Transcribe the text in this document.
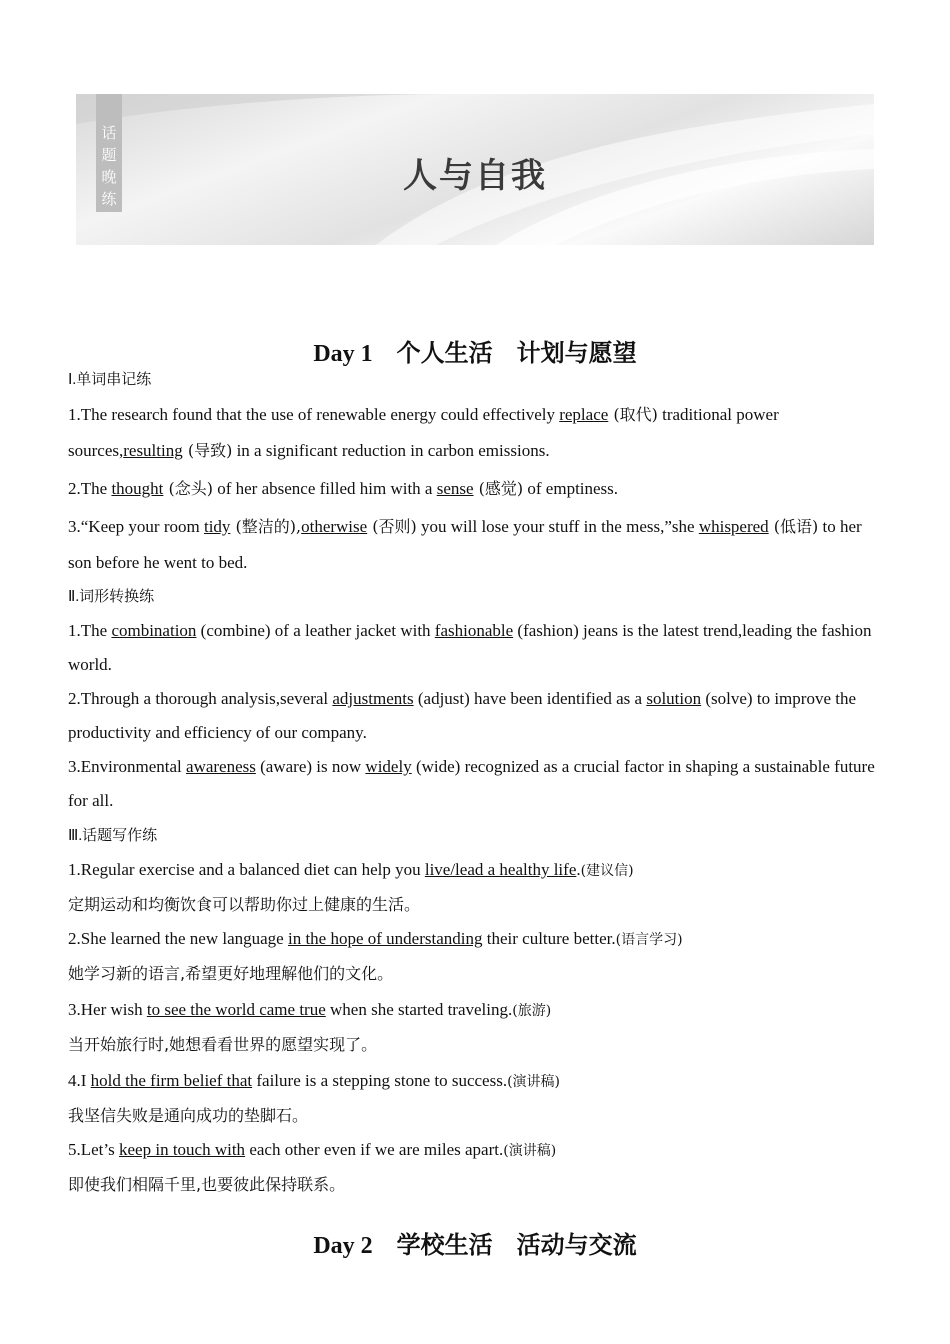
话
题
晚
练
人与自我
Day 1　个人生活　计划与愿望
Ⅰ.单词串记练
1.The research found that the use of renewable energy could effectively replace (取代) traditional power sources,resulting (导致) in a significant reduction in carbon emissions.
2.The thought (念头) of her absence filled him with a sense (感觉) of emptiness.
3.“Keep your room tidy (整洁的),otherwise (否则) you will lose your stuff in the mess,”she whispered (低语) to her son before he went to bed.
Ⅱ.词形转换练
1.The combination (combine) of a leather jacket with fashionable (fashion) jeans is the latest trend,leading the fashion world.
2.Through a thorough analysis,several adjustments (adjust) have been identified as a solution (solve) to improve the productivity and efficiency of our company.
3.Environmental awareness (aware) is now widely (wide) recognized as a crucial factor in shaping a sustainable future for all.
Ⅲ.话题写作练
1.Regular exercise and a balanced diet can help you live/lead a healthy life.(建议信)
定期运动和均衡饮食可以帮助你过上健康的生活。
2.She learned the new language in the hope of understanding their culture better.(语言学习)
她学习新的语言,希望更好地理解他们的文化。
3.Her wish to see the world came true when she started traveling.(旅游)
当开始旅行时,她想看看世界的愿望实现了。
4.I hold the firm belief that failure is a stepping stone to success.(演讲稿)
我坚信失败是通向成功的垫脚石。
5.Let’s keep in touch with each other even if we are miles apart.(演讲稿)
即使我们相隔千里,也要彼此保持联系。
Day 2　学校生活　活动与交流
